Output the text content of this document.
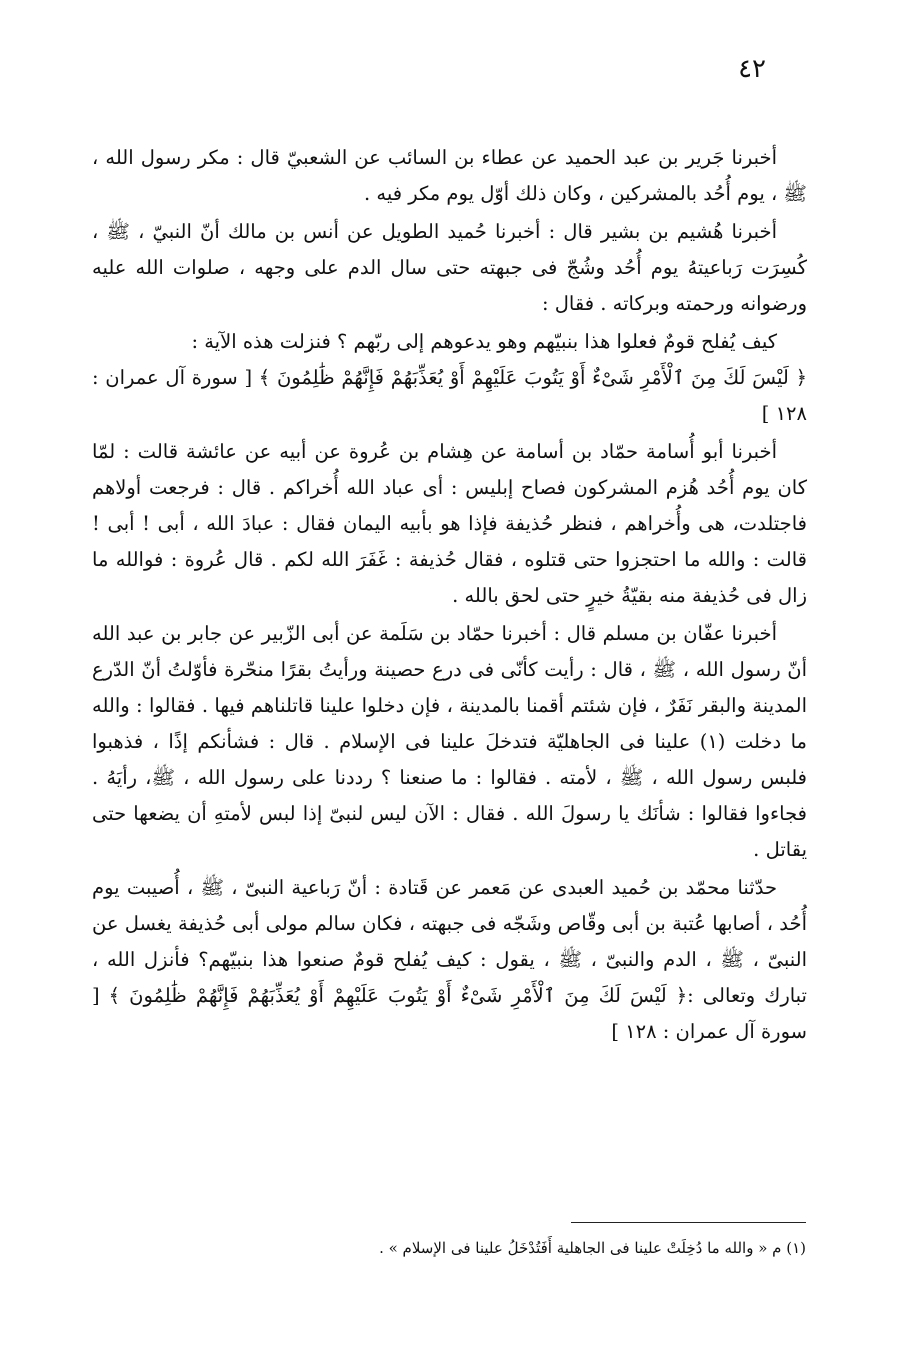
٤٢

أخبرنا جَرير بن عبد الحميد عن عطاء بن السائب عن الشعبيّ قال : مكر رسول الله ، ﷺ ، يوم أُحُد بالمشركين ، وكان ذلك أوّل يوم مكر فيه .

أخبرنا هُشيم بن بشير قال : أخبرنا حُميد الطويل عن أنس بن مالك أنّ النبيّ ، ﷺ ، كُسِرَت رَباعيتهُ يوم أُحُد وشُجّ فى جبهته حتى سال الدم على وجهه ، صلوات الله عليه ورضوانه ورحمته وبركاته . فقال :

كيف يُفلح قومٌ فعلوا هذا بنبيّهم وهو يدعوهم إلى ربّهم ؟ فنزلت هذه الآية :

﴿ لَيْسَ لَكَ مِنَ ٱلْأَمْرِ شَىْءٌ أَوْ يَتُوبَ عَلَيْهِمْ أَوْ يُعَذِّبَهُمْ فَإِنَّهُمْ ظَٰلِمُونَ ﴾ [ سورة آل عمران : ١٢٨ ]

أخبرنا أبو أُسامة حمّاد بن أسامة عن هِشام بن عُروة عن أبيه عن عائشة قالت : لمّا كان يوم أُحُد هُزم المشركون فصاح إبليس : أى عباد الله أُخراكم . قال : فرجعت أولاهم فاجتلدت، هى وأُخراهم ، فنظر حُذيفة فإذا هو بأبيه اليمان فقال : عبادَ الله ، أبى ! أبى ! قالت : والله ما احتجزوا حتى قتلوه ، فقال حُذيفة : غَفَرَ الله لكم . قال عُروة : فوالله ما زال فى حُذيفة منه بقيّةُ خيرٍ حتى لحق بالله .

أخبرنا عفّان بن مسلم قال : أخبرنا حمّاد بن سَلَمة عن أبى الزّبير عن جابر بن عبد الله أنّ رسول الله ، ﷺ ، قال : رأيت كأنّى فى درع حصينة ورأيتُ بقرًا منحّرة فأوّلتُ أنّ الدّرع المدينة والبقر نَفَرٌ ، فإن شئتم أقمنا بالمدينة ، فإن دخلوا علينا قاتلناهم فيها . فقالوا : والله ما دخلت (١) علينا فى الجاهليّة فتدخلَ علينا فى الإسلام . قال : فشأنكم إذًا ، فذهبوا فلبس رسول الله ، ﷺ ، لأمته . فقالوا : ما صنعنا ؟ رددنا على رسول الله ، ﷺ، رأيَهُ . فجاءوا فقالوا : شأنَك يا رسولَ الله . فقال : الآن ليس لنبىّ إذا لبس لأمتهِ أن يضعها حتى يقاتل .

حدّثنا محمّد بن حُميد العبدى عن مَعمر عن قَتادة : أنّ رَباعية النبىّ ، ﷺ ، أُصيبت يوم أُحُد ، أصابها عُتبة بن أبى وقّاص وشَجّه فى جبهته ، فكان سالم مولى أبى حُذيفة يغسل عن النبىّ ، ﷺ ، الدم والنبىّ ، ﷺ ، يقول : كيف يُفلح قومٌ صنعوا هذا بنبيّهم؟ فأنزل الله ، تبارك وتعالى :﴿ لَيْسَ لَكَ مِنَ ٱلْأَمْرِ شَىْءٌ أَوْ يَتُوبَ عَلَيْهِمْ أَوْ يُعَذِّبَهُمْ فَإِنَّهُمْ ظَٰلِمُونَ ﴾ [ سورة آل عمران : ١٢٨ ]

(١) م « والله ما دُخِلَتْ علينا فى الجاهلية أَفَتُدْخَلُ علينا فى الإسلام » .
